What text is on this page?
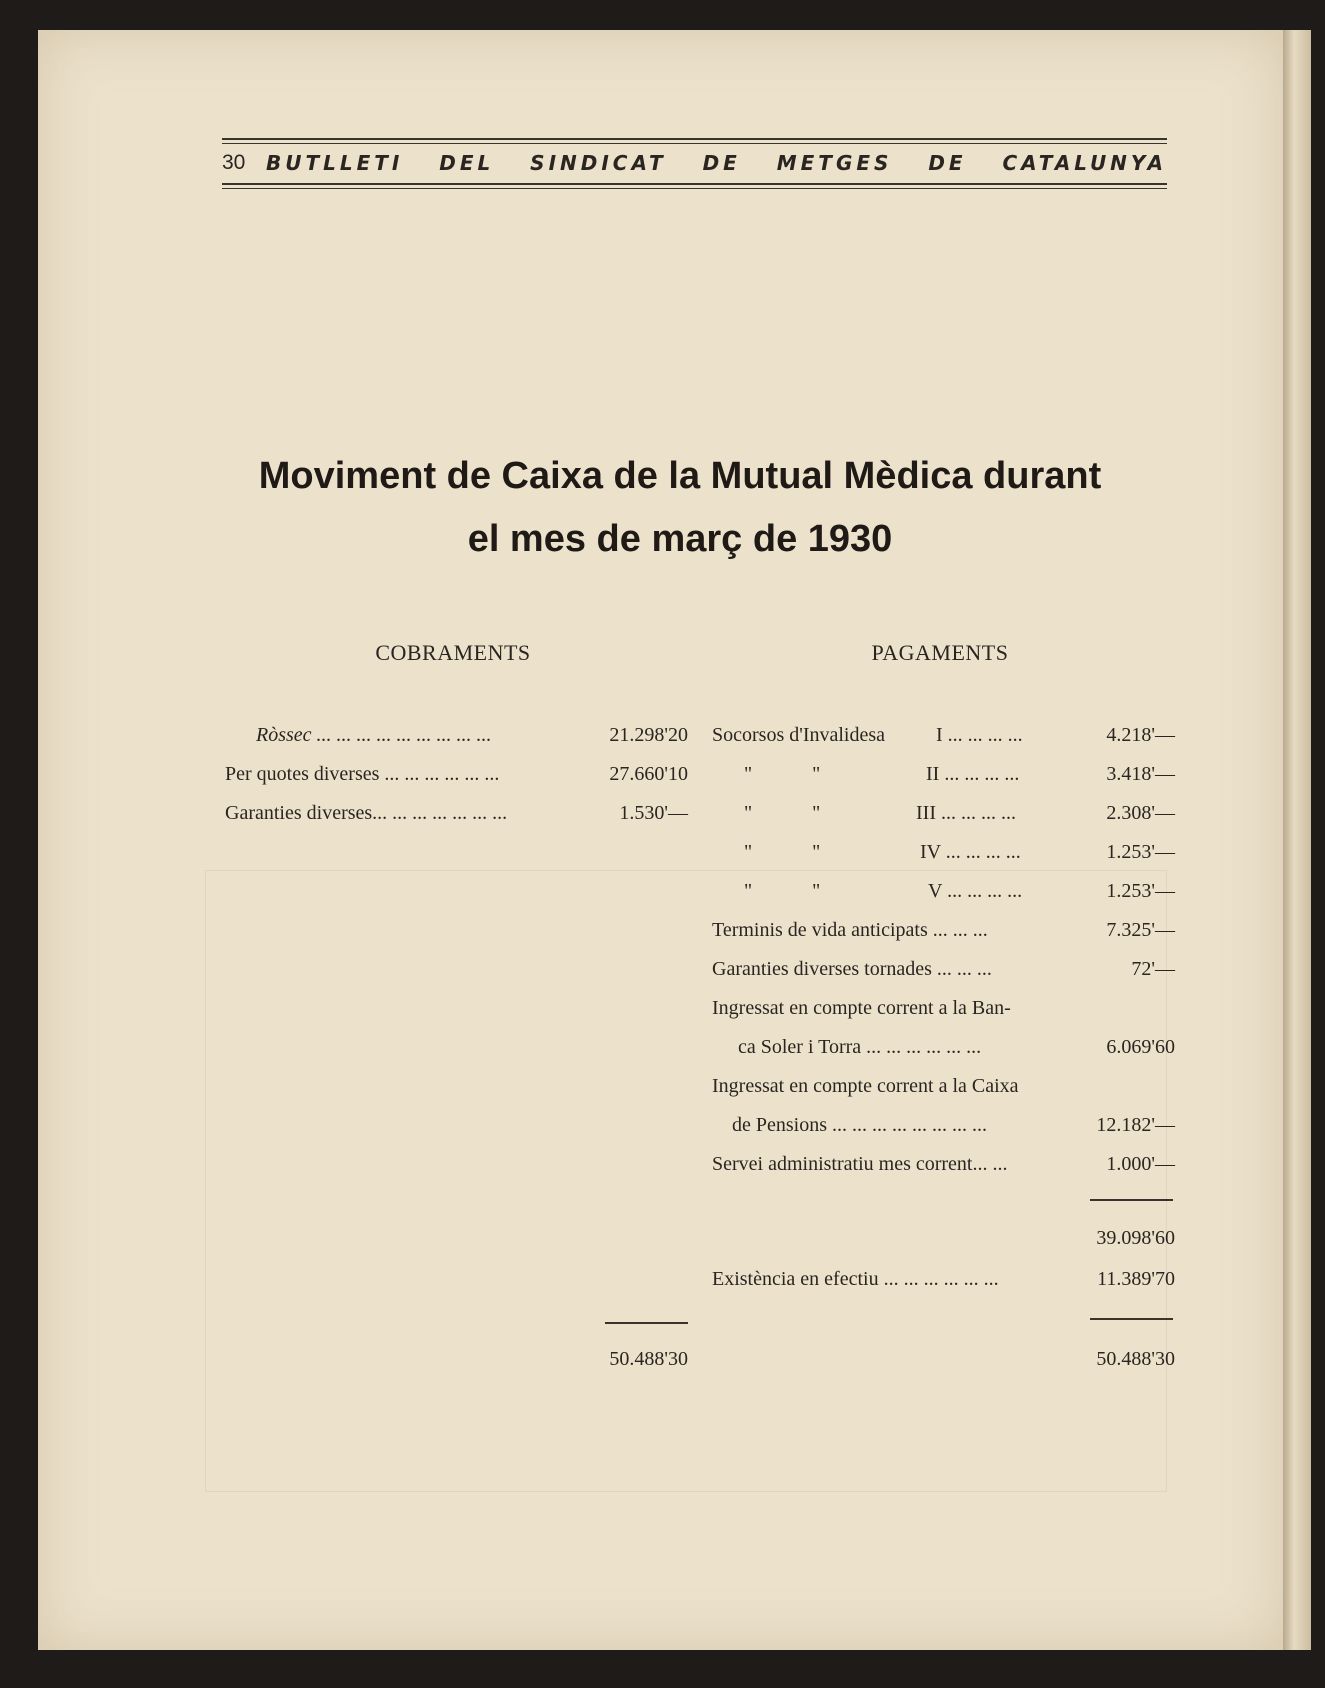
30	BUTLLETI DEL SINDICAT DE METGES DE CATALUNYA
Moviment de Caixa de la Mutual Mèdica durant
el mes de març de 1930
COBRAMENTS	PAGAMENTS
Ròssec ... ... ... ... ... ... ... ... ...	21.298'20
Per quotes diverses ... ... ... ... ... ...	27.660'10
Garanties diverses... ... ... ... ... ... ...	1.530'—
50.488'30
Socorsos d'Invalidesa	I ... ... ... ...	4.218'—
"            "	II ... ... ... ...	3.418'—
"            "	III ... ... ... ...	2.308'—
"            "	IV ... ... ... ...	1.253'—
"            "	V ... ... ... ...	1.253'—
Terminis de vida anticipats ... ... ...	7.325'—
Garanties diverses tornades ... ... ...	72'—
Ingressat en compte corrent a la Ban-
ca Soler i Torra ... ... ... ... ... ...	6.069'60
Ingressat en compte corrent a la Caixa
de Pensions ... ... ... ... ... ... ... ...	12.182'—
Servei administratiu mes corrent... ...	1.000'—
39.098'60
Existència en efectiu ... ... ... ... ... ...	11.389'70
50.488'30
